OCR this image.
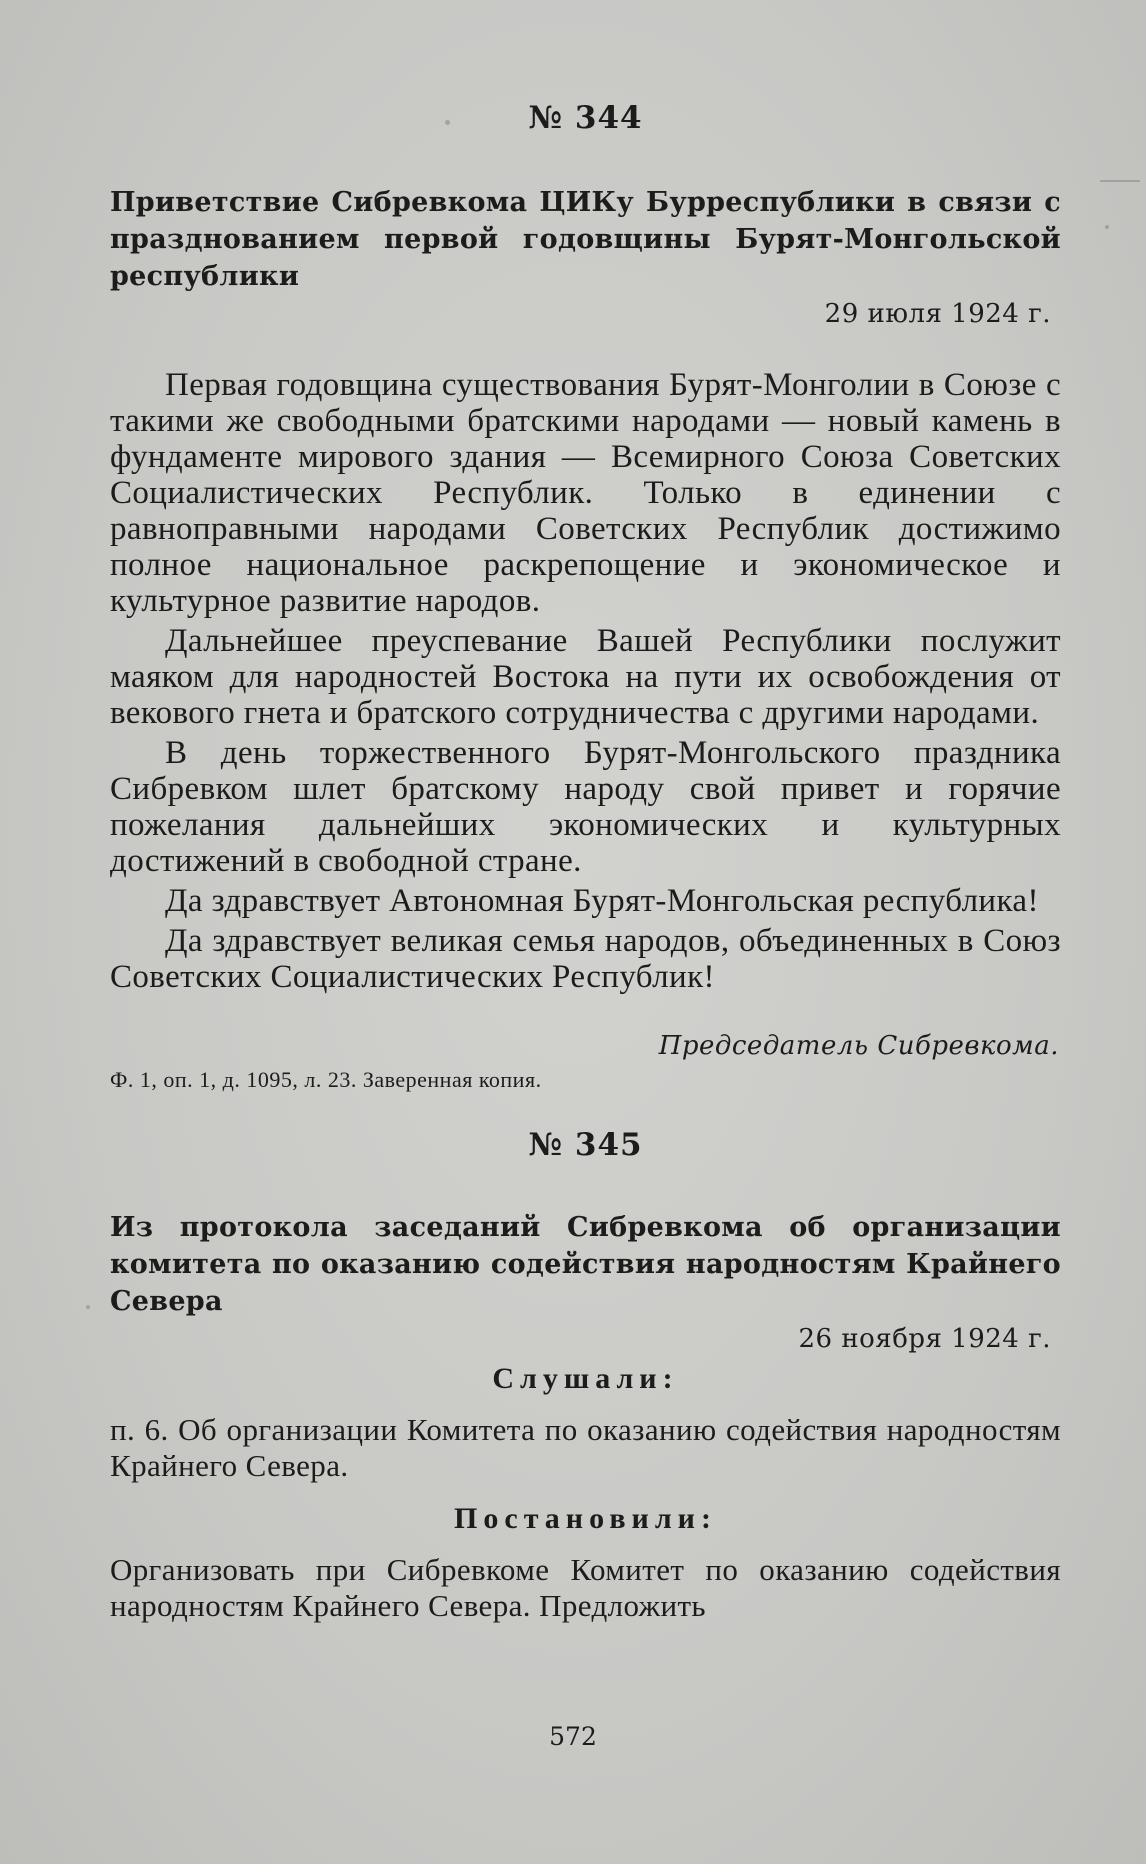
№ 344
Приветствие Сибревкома ЦИКу Бурреспублики в связи с празднованием первой годовщины Бурят-Монгольской республики
29 июля 1924 г.

Первая годовщина существования Бурят-Монголии в Союзе с такими же свободными братскими народами — новый камень в фундаменте мирового здания — Всемирного Союза Советских Социалистических Республик. Только в единении с равноправными народами Советских Республик достижимо полное национальное раскрепощение и экономическое и культурное развитие народов.

Дальнейшее преуспевание Вашей Республики послужит маяком для народностей Востока на пути их освобождения от векового гнета и братского сотрудничества с другими народами.

В день торжественного Бурят-Монгольского праздника Сибревком шлет братскому народу свой привет и горячие пожелания дальнейших экономических и культурных достижений в свободной стране.

Да здравствует Автономная Бурят-Монгольская республика!

Да здравствует великая семья народов, объединенных в Союз Советских Социалистических Республик!

Председатель Сибревкома.
Ф. 1, оп. 1, д. 1095, л. 23. Заверенная копия.
№ 345
Из протокола заседаний Сибревкома об организации комитета по оказанию содействия народностям Крайнего Севера
26 ноября 1924 г.
Слушали:

п. 6. Об организации Комитета по оказанию содействия народностям Крайнего Севера.

Постановили:

Организовать при Сибревкоме Комитет по оказанию содействия народностям Крайнего Севера. Предложить

572
